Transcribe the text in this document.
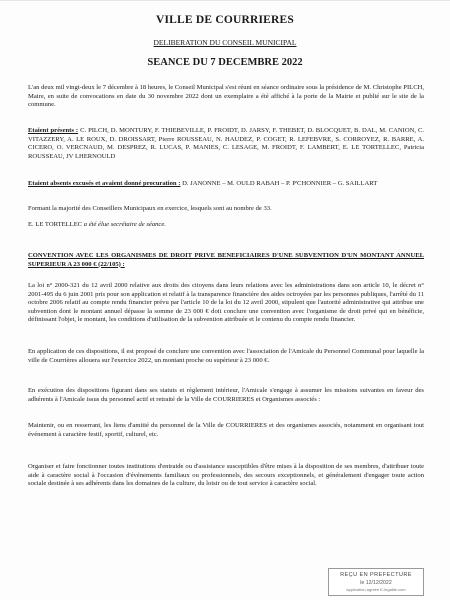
VILLE DE COURRIERES
DELIBERATION DU CONSEIL MUNICIPAL
SEANCE DU 7 DECEMBRE 2022

L'an deux mil vingt-deux le 7 décembre à 18 heures, le Conseil Municipal s'est réuni en séance ordinaire sous la présidence de M. Christophe PILCH, Maire, en suite de convocations en date du 30 novembre 2022 dont un exemplaire a été affiché à la porte de la Mairie et publié sur le site de la commune.

Etaient présents : C. PILCH, D. MONTURY, F. THIEBEVILLE, P. FROIDT, D. JARSY, F. THEBET, D. BLOCQUET, B. DAL, M. CANION, C. VITAZZERY, A. LE ROUX, D. DROISSART, Pierre ROUSSEAU, N. HAUDEZ, P. COGET, R. LEFEBVRE, S. CORROYEZ, R. BARRE, A. CICERO, O. VERCNAUD, M. DESPREZ, R. LUCAS, P. MANIES, C. LESAGE, M. FROIDT, F. LAMBERT, E. LE TORTELLEC, Patricia ROUSSEAU, JV LHERNOULD

Etaient absents excusés et avaient donné procuration : D. JANONNE – M. OULD RABAH – P. P'CHONNIER – G. SAILLART

Formant la majorité des Conseillers Municipaux en exercice, lesquels sont au nombre de 33.

E. LE TORTELLEC a été élue secrétaire de séance.

CONVENTION AVEC LES ORGANISMES DE DROIT PRIVE BENEFICIAIRES D'UNE SUBVENTION D'UN MONTANT ANNUEL SUPERIEUR A 23 000 € (22/105) :

La loi n° 2000-321 du 12 avril 2000 relative aux droits des citoyens dans leurs relations avec les administrations dans son article 10, le décret n° 2001-495 du 6 juin 2001 pris pour son application et relatif à la transparence financière des aides octroyées par les personnes publiques, l'arrêté du 11 octobre 2006 relatif au compte rendu financier prévu par l'article 10 de la loi du 12 avril 2000, stipulent que l'autorité administrative qui attribue une subvention dont le montant annuel dépasse la somme de 23 000 € doit conclure une convention avec l'organisme de droit privé qui en bénéficie, définissant l'objet, le montant, les conditions d'utilisation de la subvention attribuée et le contenu du compte rendu financier.

En application de ces dispositions, il est proposé de conclure une convention avec l'association de l'Amicale du Personnel Communal pour laquelle la ville de Courrières allouera sur l'exercice 2022, un montant proche ou supérieur à 23 000 €.

En exécution des dispositions figurant dans ses statuts et règlement intérieur, l'Amicale s'engage à assumer les missions suivantes en faveur des adhérents à l'Amicale issus du personnel actif et retraité de la Ville de COURRIERES et Organismes associés :

Maintenir, ou en resserrant, les liens d'amitié du personnel de la Ville de COURRIERES et des organismes associés, notamment en organisant tout événement à caractère festif, sportif, culturel, etc.

Organiser et faire fonctionner toutes institutions d'entraide ou d'assistance susceptibles d'être mises à la disposition de ses membres, d'attribuer toute aide à caractère social à l'occasion d'événements familiaux ou professionnels, des secours exceptionnels, et généralement d'engager toute action sociale destinée à ses adhérents dans les domaines de la culture, du loisir ou de tout service à caractère social.

REÇU EN PREFECTURE
le 12/12/2022
application agréée E-legalite.com
